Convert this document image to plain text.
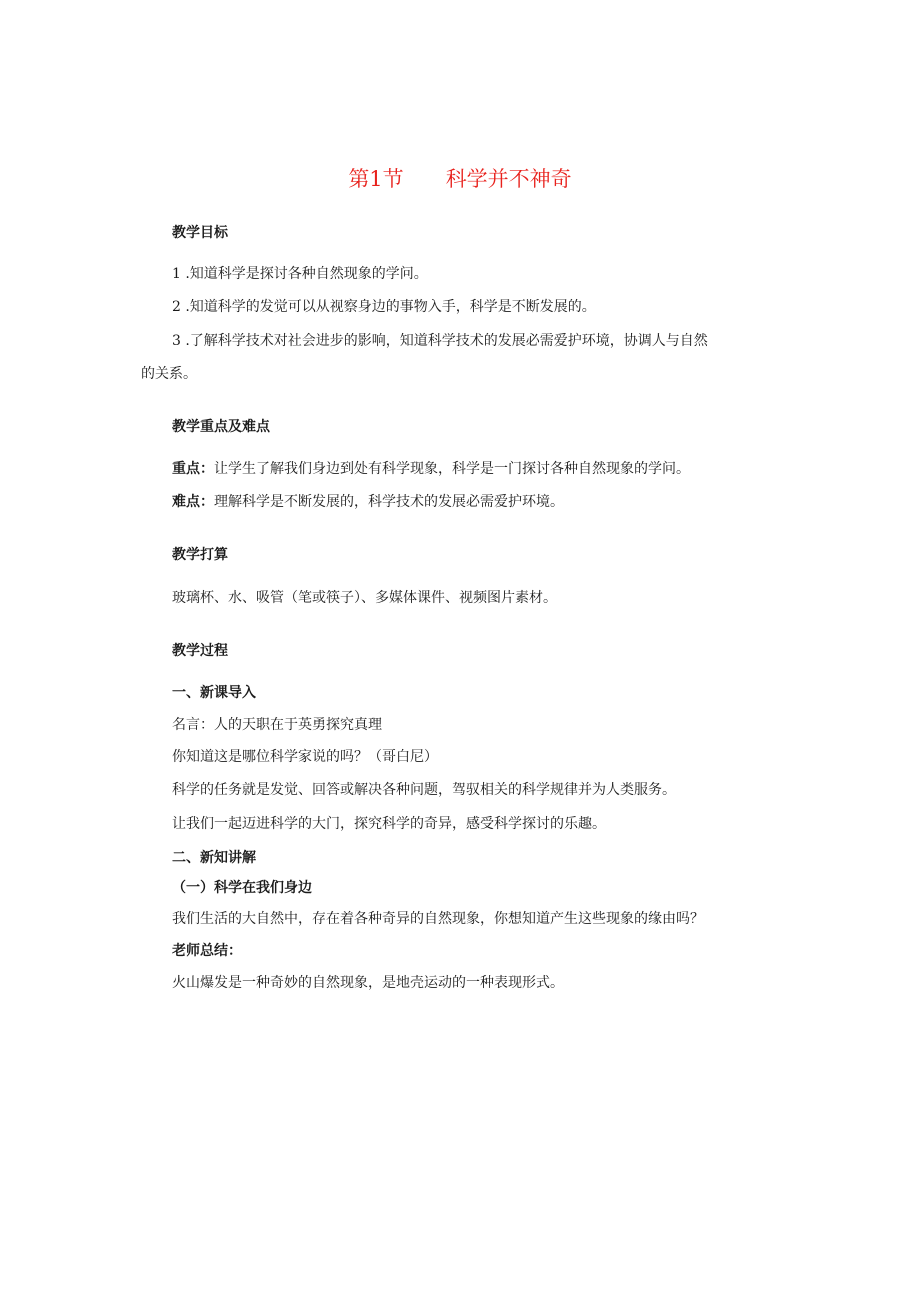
第1节 科学并不神奇
教学目标
1 .知道科学是探讨各种自然现象的学问。
2 .知道科学的发觉可以从视察身边的事物入手，科学是不断发展的。
3 .了解科学技术对社会进步的影响，知道科学技术的发展必需爱护环境，协调人与自然
的关系。
教学重点及难点
重点：让学生了解我们身边到处有科学现象，科学是一门探讨各种自然现象的学问。
难点：理解科学是不断发展的，科学技术的发展必需爱护环境。
教学打算
玻璃杯、水、吸管（笔或筷子）、多媒体课件、视频图片素材。
教学过程
一、新课导入
名言：人的天职在于英勇探究真理
你知道这是哪位科学家说的吗？（哥白尼）
科学的任务就是发觉、回答或解决各种问题，驾驭相关的科学规律并为人类服务。
让我们一起迈进科学的大门，探究科学的奇异，感受科学探讨的乐趣。
二、新知讲解
（一）科学在我们身边
我们生活的大自然中，存在着各种奇异的自然现象，你想知道产生这些现象的缘由吗？
老师总结：
火山爆发是一种奇妙的自然现象，是地壳运动的一种表现形式。
